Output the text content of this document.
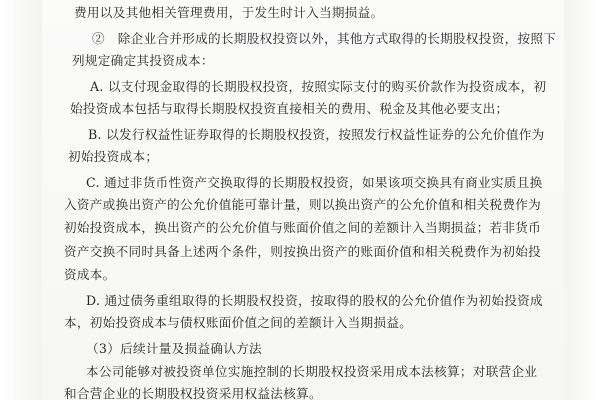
费用以及其他相关管理费用，于发生时计入当期损益。

②　除企业合并形成的长期股权投资以外，其他方式取得的长期股权投资，按照下

列规定确定其投资成本：

A. 以支付现金取得的长期股权投资，按照实际支付的购买价款作为投资成本，初

始投资成本包括与取得长期股权投资直接相关的费用、税金及其他必要支出；

B. 以发行权益性证券取得的长期股权投资，按照发行权益性证券的公允价值作为

初始投资成本；

C. 通过非货币性资产交换取得的长期股权投资，如果该项交换具有商业实质且换

入资产或换出资产的公允价值能可靠计量，则以换出资产的公允价值和相关税费作为

初始投资成本，换出资产的公允价值与账面价值之间的差额计入当期损益；若非货币

资产交换不同时具备上述两个条件，则按换出资产的账面价值和相关税费作为初始投

资成本。

D. 通过债务重组取得的长期股权投资，按取得的股权的公允价值作为初始投资成

本，初始投资成本与债权账面价值之间的差额计入当期损益。

（3）后续计量及损益确认方法

本公司能够对被投资单位实施控制的长期股权投资采用成本法核算；对联营企业

和合营企业的长期股权投资采用权益法核算。
